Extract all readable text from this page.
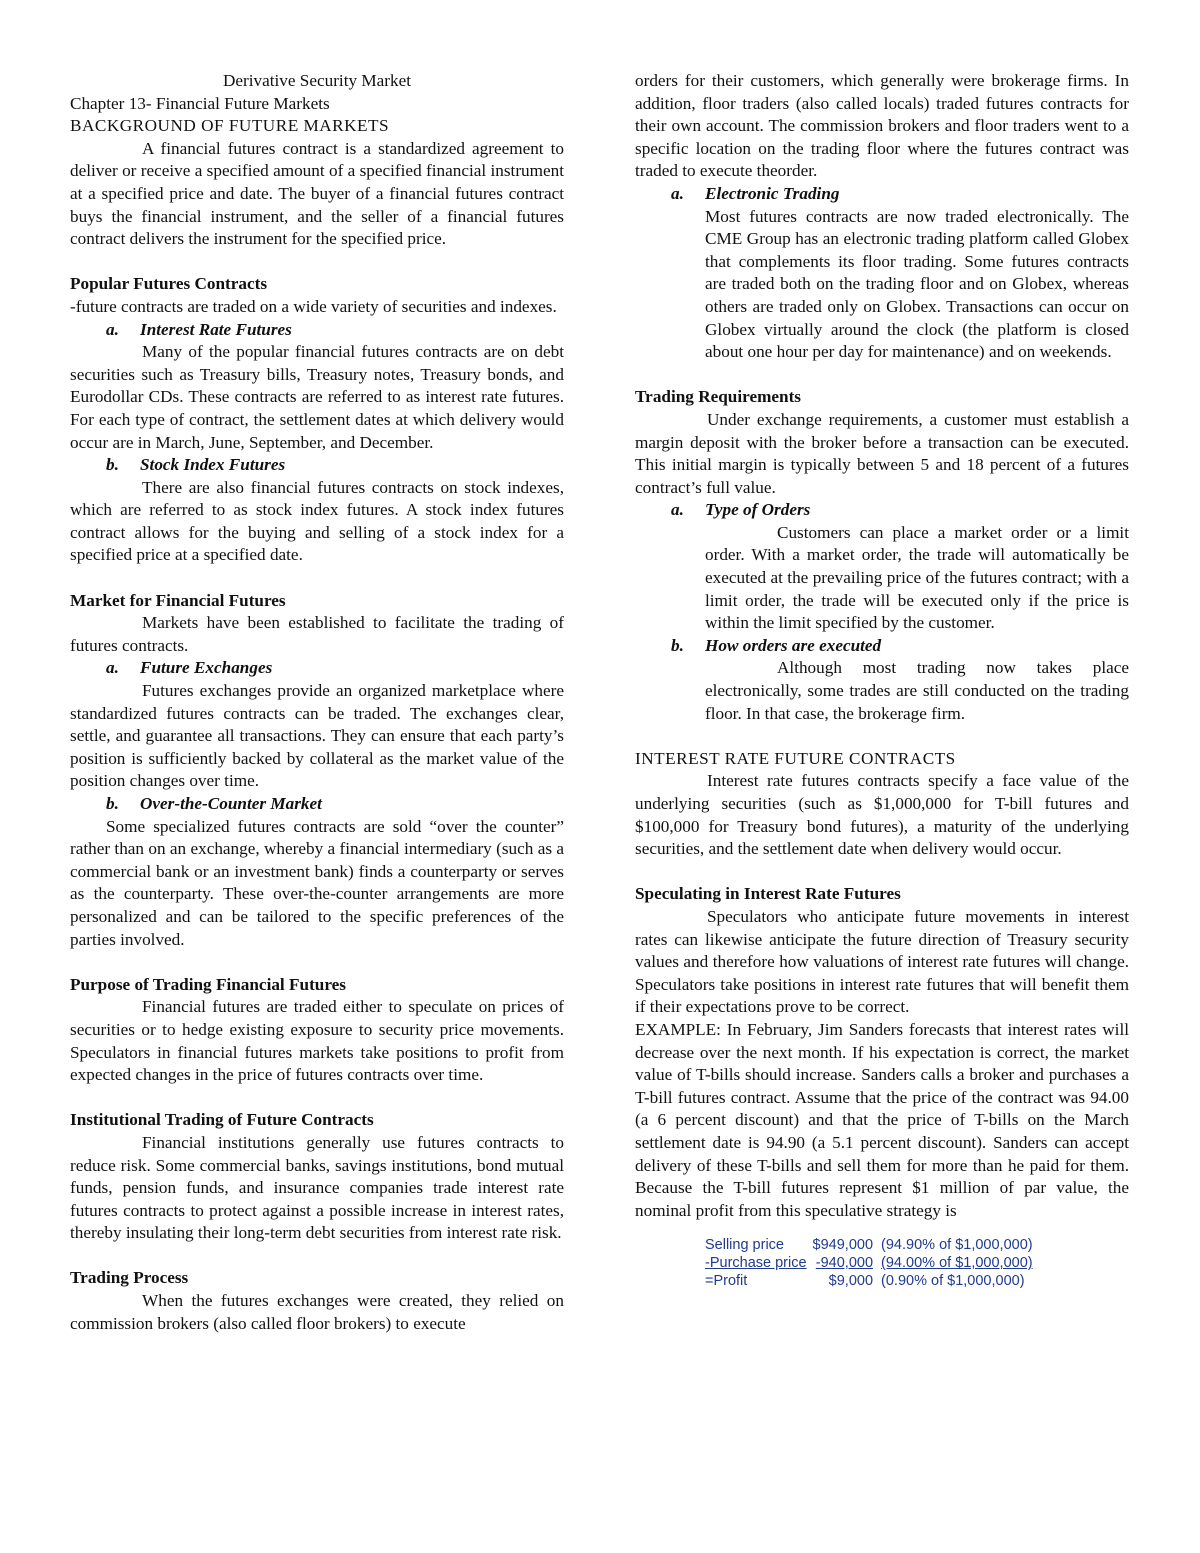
Derivative Security Market

Chapter 13- Financial Future Markets

BACKGROUND OF FUTURE MARKETS

A financial futures contract is a standardized agreement to deliver or receive a specified amount of a specified financial instrument at a specified price and date. The buyer of a financial futures contract buys the financial instrument, and the seller of a financial futures contract delivers the instrument for the specified price.

Popular Futures Contracts

-future contracts are traded on a wide variety of securities and indexes.

a.	Interest Rate Futures

Many of the popular financial futures contracts are on debt securities such as Treasury bills, Treasury notes, Treasury bonds, and Eurodollar CDs. These contracts are referred to as interest rate futures. For each type of contract, the settlement dates at which delivery would occur are in March, June, September, and December.

b.	Stock Index Futures

There are also financial futures contracts on stock indexes, which are referred to as stock index futures. A stock index futures contract allows for the buying and selling of a stock index for a specified price at a specified date.

Market for Financial Futures

Markets have been established to facilitate the trading of futures contracts.

a.	Future Exchanges

Futures exchanges provide an organized marketplace where standardized futures contracts can be traded. The exchanges clear, settle, and guarantee all transactions. They can ensure that each party’s position is sufficiently backed by collateral as the market value of the position changes over time.

b.	Over-the-Counter Market

Some specialized futures contracts are sold “over the counter” rather than on an exchange, whereby a financial intermediary (such as a commercial bank or an investment bank) finds a counterparty or serves as the counterparty. These over-the-counter arrangements are more personalized and can be tailored to the specific preferences of the parties involved.

Purpose of Trading Financial Futures

Financial futures are traded either to speculate on prices of securities or to hedge existing exposure to security price movements. Speculators in financial futures markets take positions to profit from expected changes in the price of futures contracts over time.

Institutional Trading of Future Contracts

Financial institutions generally use futures contracts to reduce risk. Some commercial banks, savings institutions, bond mutual funds, pension funds, and insurance companies trade interest rate futures contracts to protect against a possible increase in interest rates, thereby insulating their long-term debt securities from interest rate risk.

Trading Process

When the futures exchanges were created, they relied on commission brokers (also called floor brokers) to execute

orders for their customers, which generally were brokerage firms. In addition, floor traders (also called locals) traded futures contracts for their own account. The commission brokers and floor traders went to a specific location on the trading floor where the futures contract was traded to execute theorder.

a.	Electronic Trading

Most futures contracts are now traded electronically. The CME Group has an electronic trading platform called Globex that complements its floor trading. Some futures contracts are traded both on the trading floor and on Globex, whereas others are traded only on Globex. Transactions can occur on Globex virtually around the clock (the platform is closed about one hour per day for maintenance) and on weekends.

Trading Requirements

Under exchange requirements, a customer must establish a margin deposit with the broker before a transaction can be executed. This initial margin is typically between 5 and 18 percent of a futures contract’s full value.

a.	Type of Orders

Customers can place a market order or a limit order. With a market order, the trade will automatically be executed at the prevailing price of the futures contract; with a limit order, the trade will be executed only if the price is within the limit specified by the customer.

b.	How orders are executed

Although most trading now takes place electronically, some trades are still conducted on the trading floor. In that case, the brokerage firm.

INTEREST RATE FUTURE CONTRACTS

Interest rate futures contracts specify a face value of the underlying securities (such as $1,000,000 for T-bill futures and $100,000 for Treasury bond futures), a maturity of the underlying securities, and the settlement date when delivery would occur.

Speculating in Interest Rate Futures

Speculators who anticipate future movements in interest rates can likewise anticipate the future direction of Treasury security values and therefore how valuations of interest rate futures will change. Speculators take positions in interest rate futures that will benefit them if their expectations prove to be correct.

EXAMPLE: In February, Jim Sanders forecasts that interest rates will decrease over the next month. If his expectation is correct, the market value of T-bills should increase. Sanders calls a broker and purchases a T-bill futures contract. Assume that the price of the contract was 94.00 (a 6 percent discount) and that the price of T-bills on the March settlement date is 94.90 (a 5.1 percent discount). Sanders can accept delivery of these T-bills and sell them for more than he paid for them. Because the T-bill futures represent $1 million of par value, the nominal profit from this speculative strategy is

Selling price	$949,000	(94.90% of $1,000,000)
-Purchase price	-940,000	(94.00% of $1,000,000)
=Profit	$9,000	(0.90% of $1,000,000)
